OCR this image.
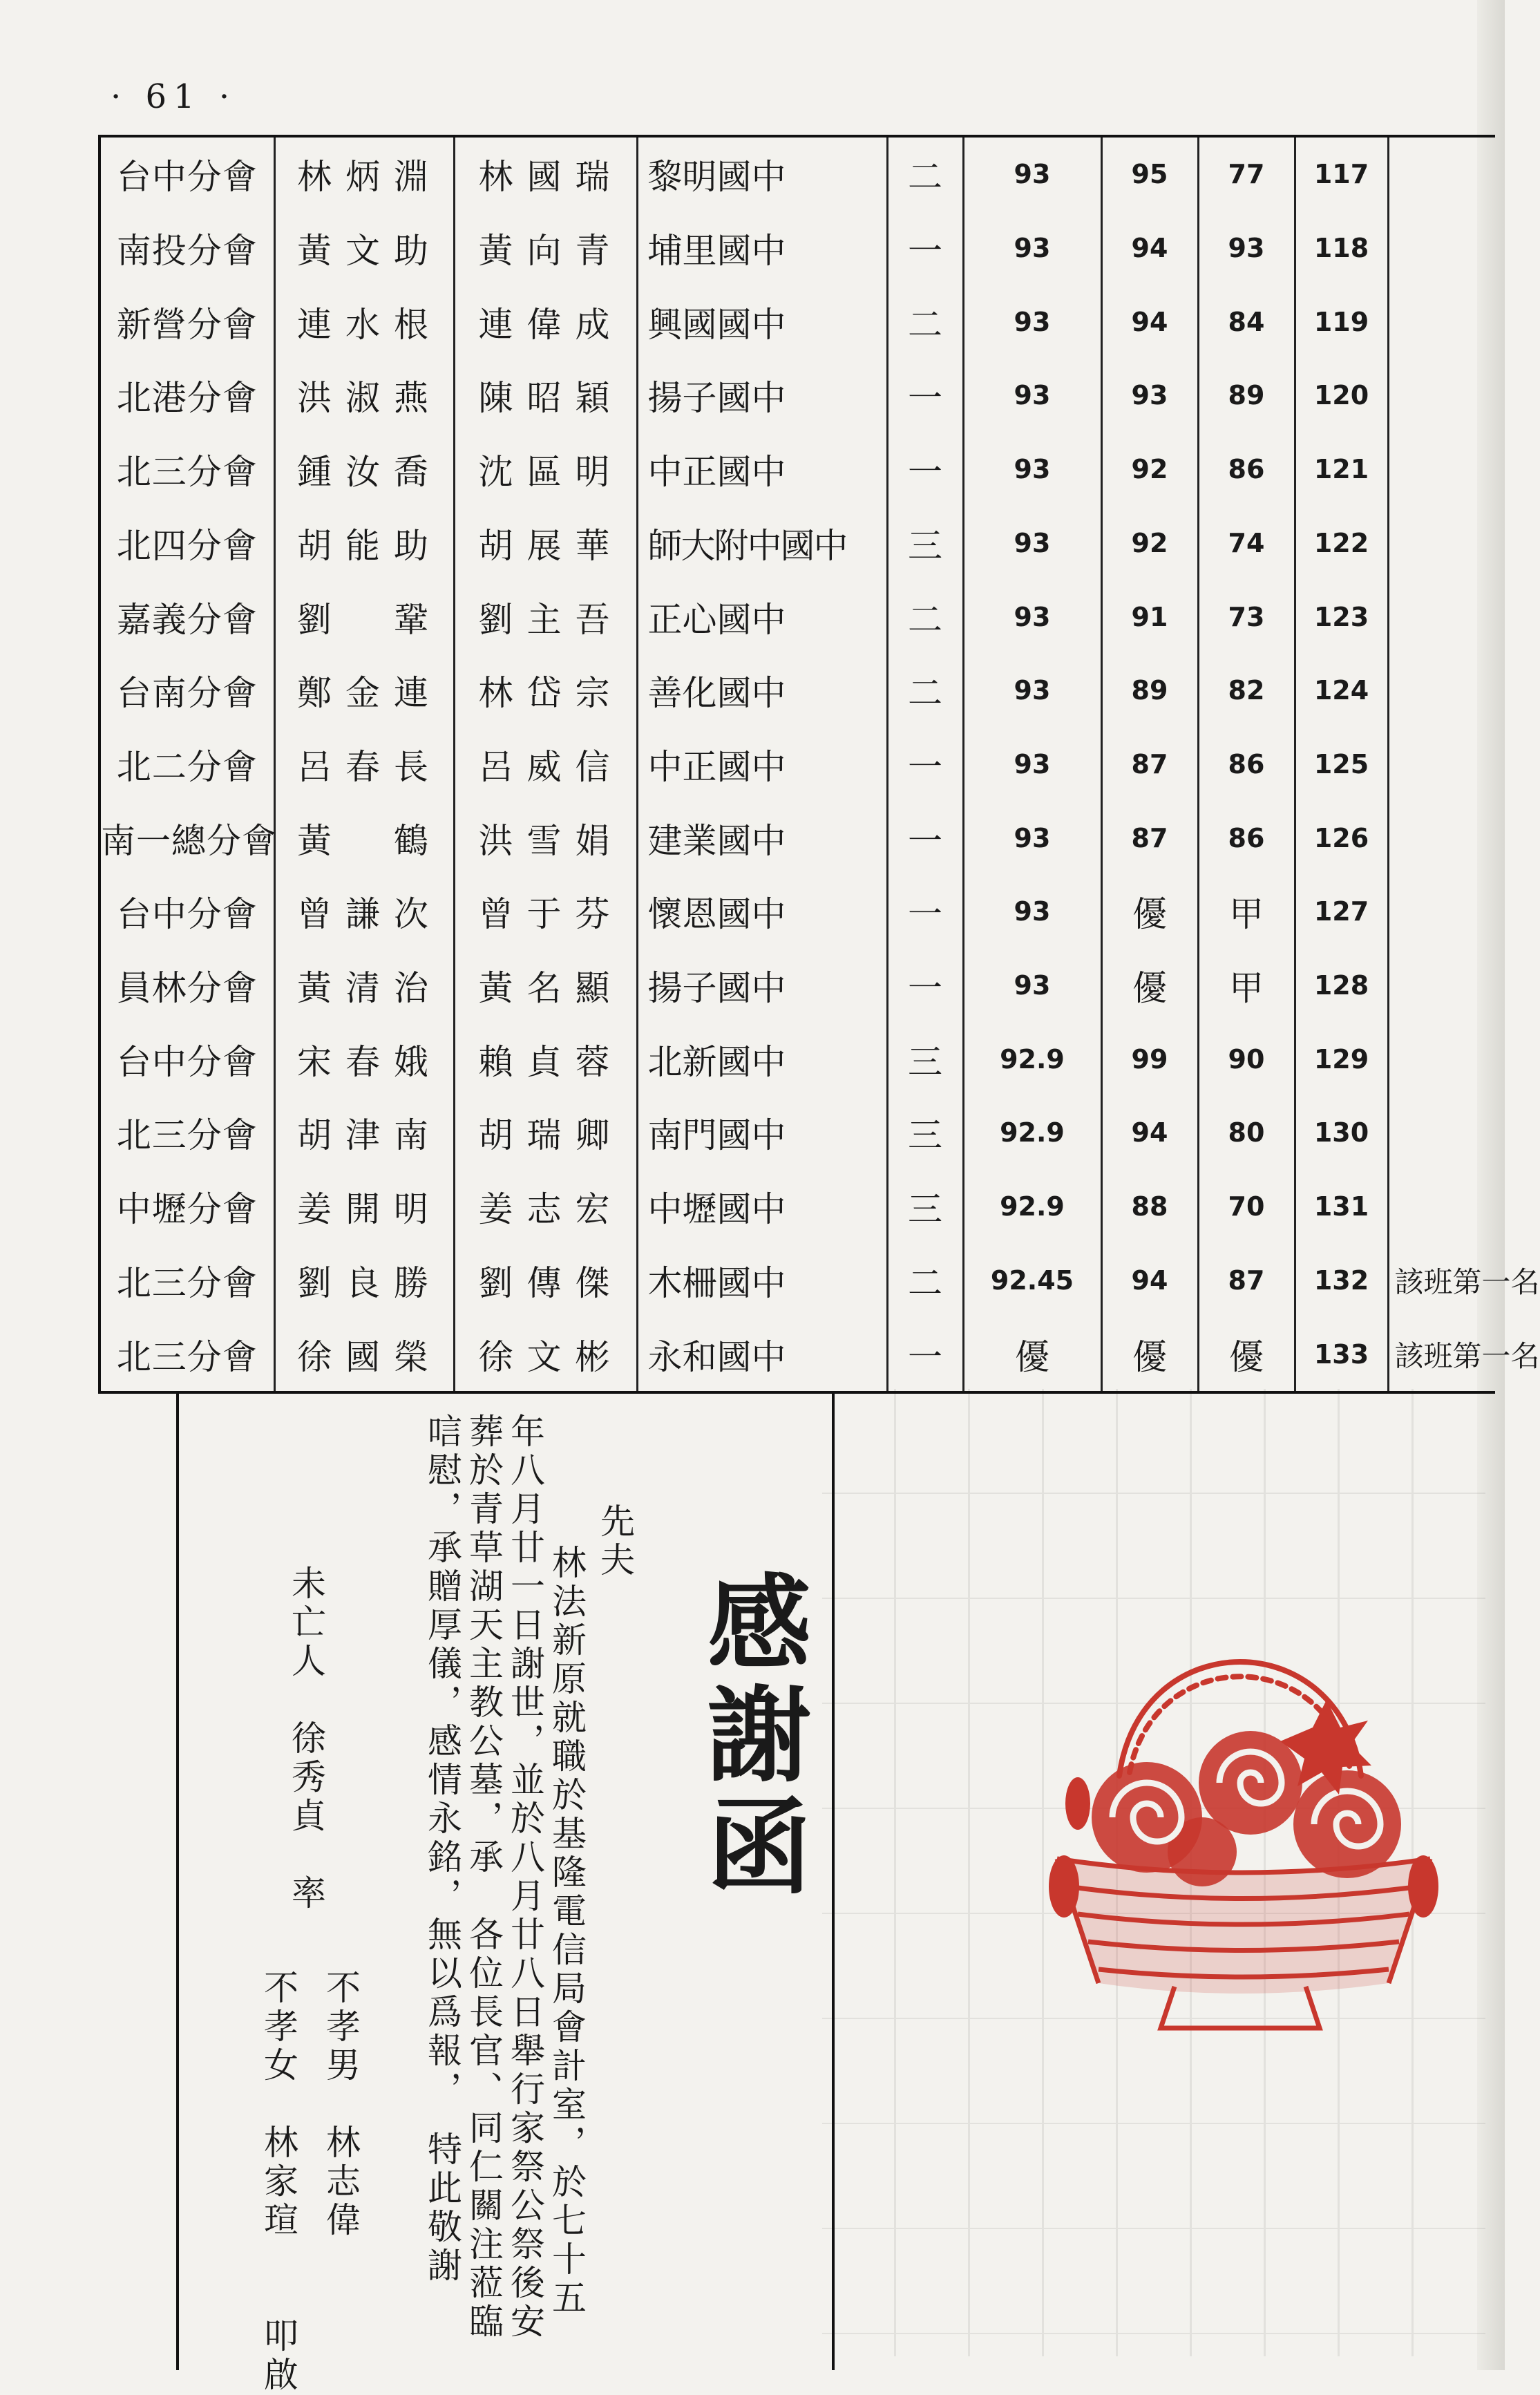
· 61 ·
台中分會	林炳淵	林國瑞	黎明國中	二	93	95	77	117	
南投分會	黃文助	黃向青	埔里國中	一	93	94	93	118	
新營分會	連水根	連偉成	興國國中	二	93	94	84	119	
北港分會	洪淑燕	陳昭穎	揚子國中	一	93	93	89	120	
北三分會	鍾汝喬	沈區明	中正國中	一	93	92	86	121	
北四分會	胡能助	胡展華	師大附中國中	三	93	92	74	122	
嘉義分會	劉　鞏	劉主吾	正心國中	二	93	91	73	123	
台南分會	鄭金連	林岱宗	善化國中	二	93	89	82	124	
北二分會	呂春長	呂威信	中正國中	一	93	87	86	125	
南一總分會	黃　鶴	洪雪娟	建業國中	一	93	87	86	126	
台中分會	曾謙次	曾于芬	懷恩國中	一	93	優	甲	127	
員林分會	黃清治	黃名顯	揚子國中	一	93	優	甲	128	
台中分會	宋春娥	賴貞蓉	北新國中	三	92.9	99	90	129	
北三分會	胡津南	胡瑞卿	南門國中	三	92.9	94	80	130	
中壢分會	姜開明	姜志宏	中壢國中	三	92.9	88	70	131	
北三分會	劉良勝	劉傳傑	木柵國中	二	92.45	94	87	132	該班第一名
北三分會	徐國榮	徐文彬	永和國中	一	優	優	優	133	該班第一名
先夫
林法新原就職於基隆電信局會計室，於七十五
年八月廿一日謝世，並於八月廿八日舉行家祭公祭後安
葬於青草湖天主教公墓，承　各位長官、同仁關注蒞臨
唁慰，承贈厚儀，感情永銘，無以爲報，　特此敬謝
不孝男　林志偉
不孝女　林家瑄　　叩啟
未亡人　徐秀貞　率	感謝函
